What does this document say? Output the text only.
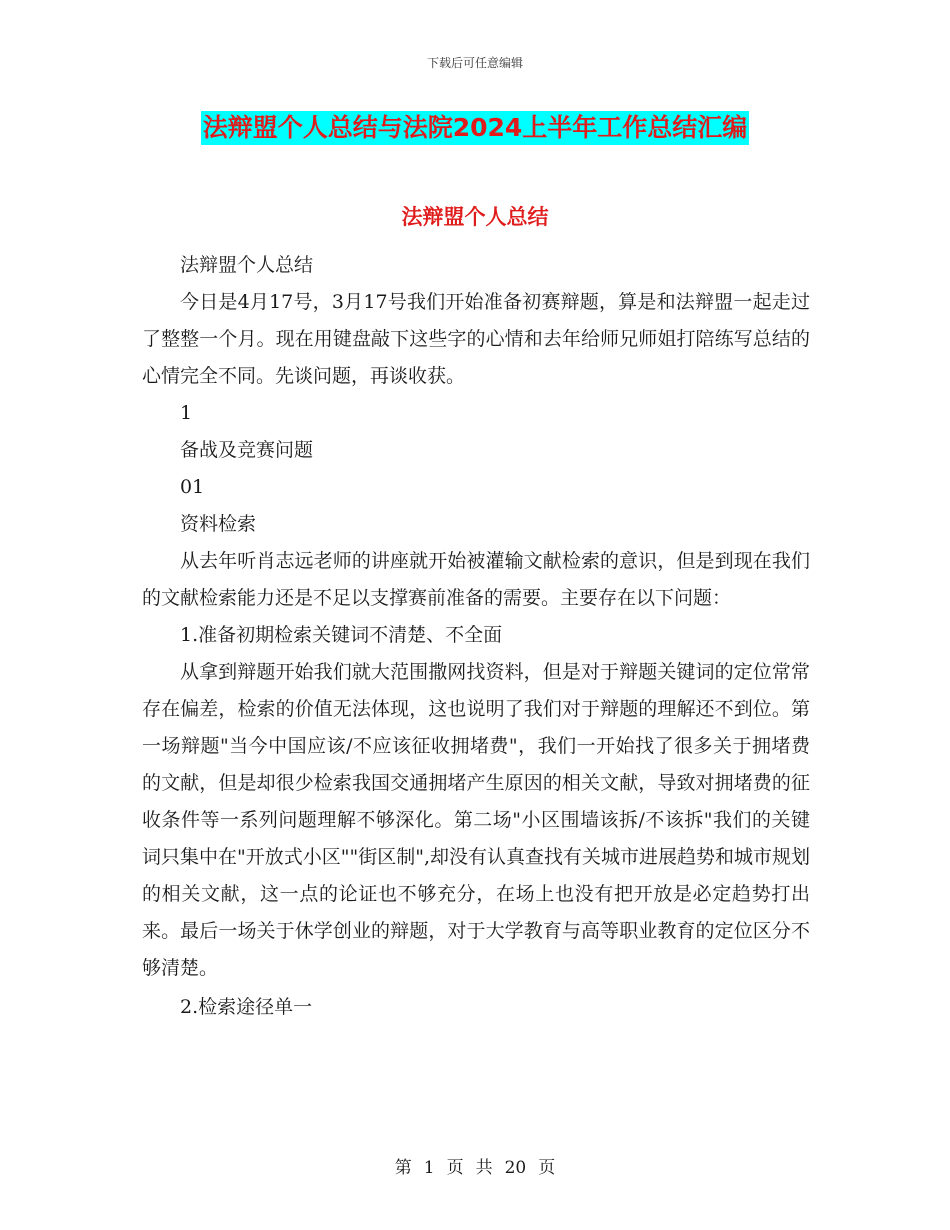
下载后可任意编辑
法辩盟个人总结与法院2024上半年工作总结汇编
法辩盟个人总结

法辩盟个人总结

今日是4月17号，3月17号我们开始准备初赛辩题，算是和法辩盟一起走过了整整一个月。现在用键盘敲下这些字的心情和去年给师兄师姐打陪练写总结的心情完全不同。先谈问题，再谈收获。

1

备战及竞赛问题

01

资料检索

从去年听肖志远老师的讲座就开始被灌输文献检索的意识，但是到现在我们的文献检索能力还是不足以支撑赛前准备的需要。主要存在以下问题：

1.准备初期检索关键词不清楚、不全面

从拿到辩题开始我们就大范围撒网找资料，但是对于辩题关键词的定位常常存在偏差，检索的价值无法体现，这也说明了我们对于辩题的理解还不到位。第一场辩题"当今中国应该/不应该征收拥堵费"，我们一开始找了很多关于拥堵费的文献，但是却很少检索我国交通拥堵产生原因的相关文献，导致对拥堵费的征收条件等一系列问题理解不够深化。第二场"小区围墙该拆/不该拆"我们的关键词只集中在"开放式小区""街区制",却没有认真查找有关城市进展趋势和城市规划的相关文献，这一点的论证也不够充分，在场上也没有把开放是必定趋势打出来。最后一场关于休学创业的辩题，对于大学教育与高等职业教育的定位区分不够清楚。

2.检索途径单一

第 1 页 共 20 页
